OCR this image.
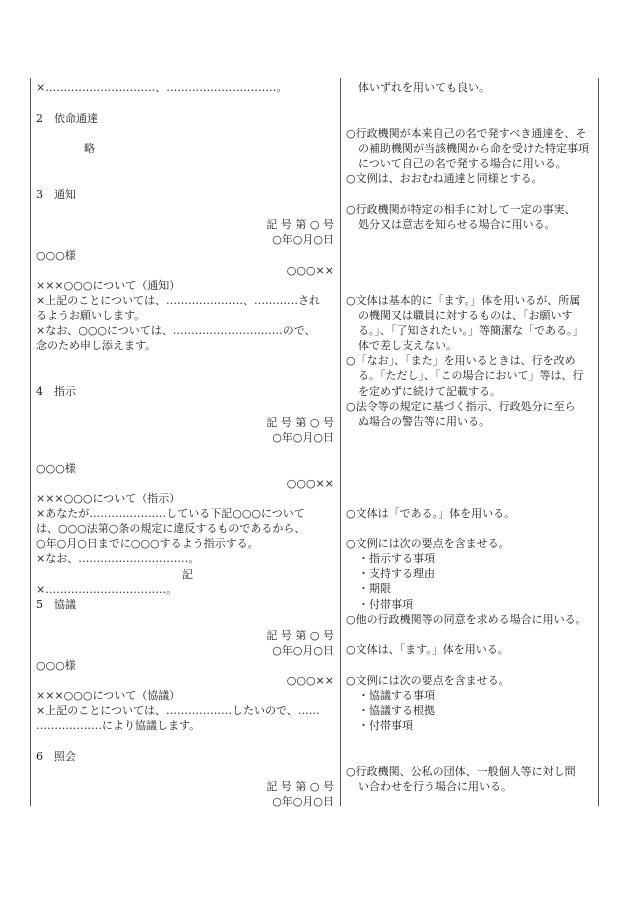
×…………………………、…………………………。
2　依命通達
略
3　通知
記 号 第 ○ 号
○年○月○日
○○○様
○○○××
×××○○○について（通知）
×上記のことについては、…………………、…………され
るようお願いします。
×なお、○○○については、…………………………ので、
念のため申し添えます。
4　指示
記 号 第 ○ 号
○年○月○日
○○○様
○○○××
×××○○○について（指示）
×あなたが…………………している下記○○○について
は、○○○法第○条の規定に違反するものであるから、
○年○月○日までに○○○するよう指示する。
×なお、…………………………。
記
×……………………………。
5　協議
記 号 第 ○ 号
○年○月○日
○○○様
○○○××
×××○○○について（協議）
×上記のことについては、………………したいので、……
………………により協議します。
6　照会
記 号 第 ○ 号
○年○月○日
体いずれを用いても良い。
○行政機関が本来自己の名で発すべき通達を、そ
の補助機関が当該機関から命を受けた特定事項
について自己の名で発する場合に用いる。
○文例は、おおむね通達と同様とする。
○行政機関が特定の相手に対して一定の事実、
処分又は意志を知らせる場合に用いる。
○文体は基本的に「ます。」体を用いるが、所属
の機関又は職員に対するものは、「お願いす
る。」、「了知されたい。」等簡潔な「である。」
体で差し支えない。
○「なお」、「また」を用いるときは、行を改め
る。「ただし」、「この場合において」等は、行
を定めずに続けて記載する。
○法令等の規定に基づく指示、行政処分に至ら
ぬ場合の警告等に用いる。
○文体は「である。」体を用いる。
○文例には次の要点を含ませる。
・指示する事項
・支持する理由
・期限
・付帯事項
○他の行政機関等の同意を求める場合に用いる。
○文体は、「ます。」体を用いる。
○文例には次の要点を含ませる。
・協議する事項
・協議する根拠
・付帯事項
○行政機関、公私の団体、一般個人等に対し問
い合わせを行う場合に用いる。
